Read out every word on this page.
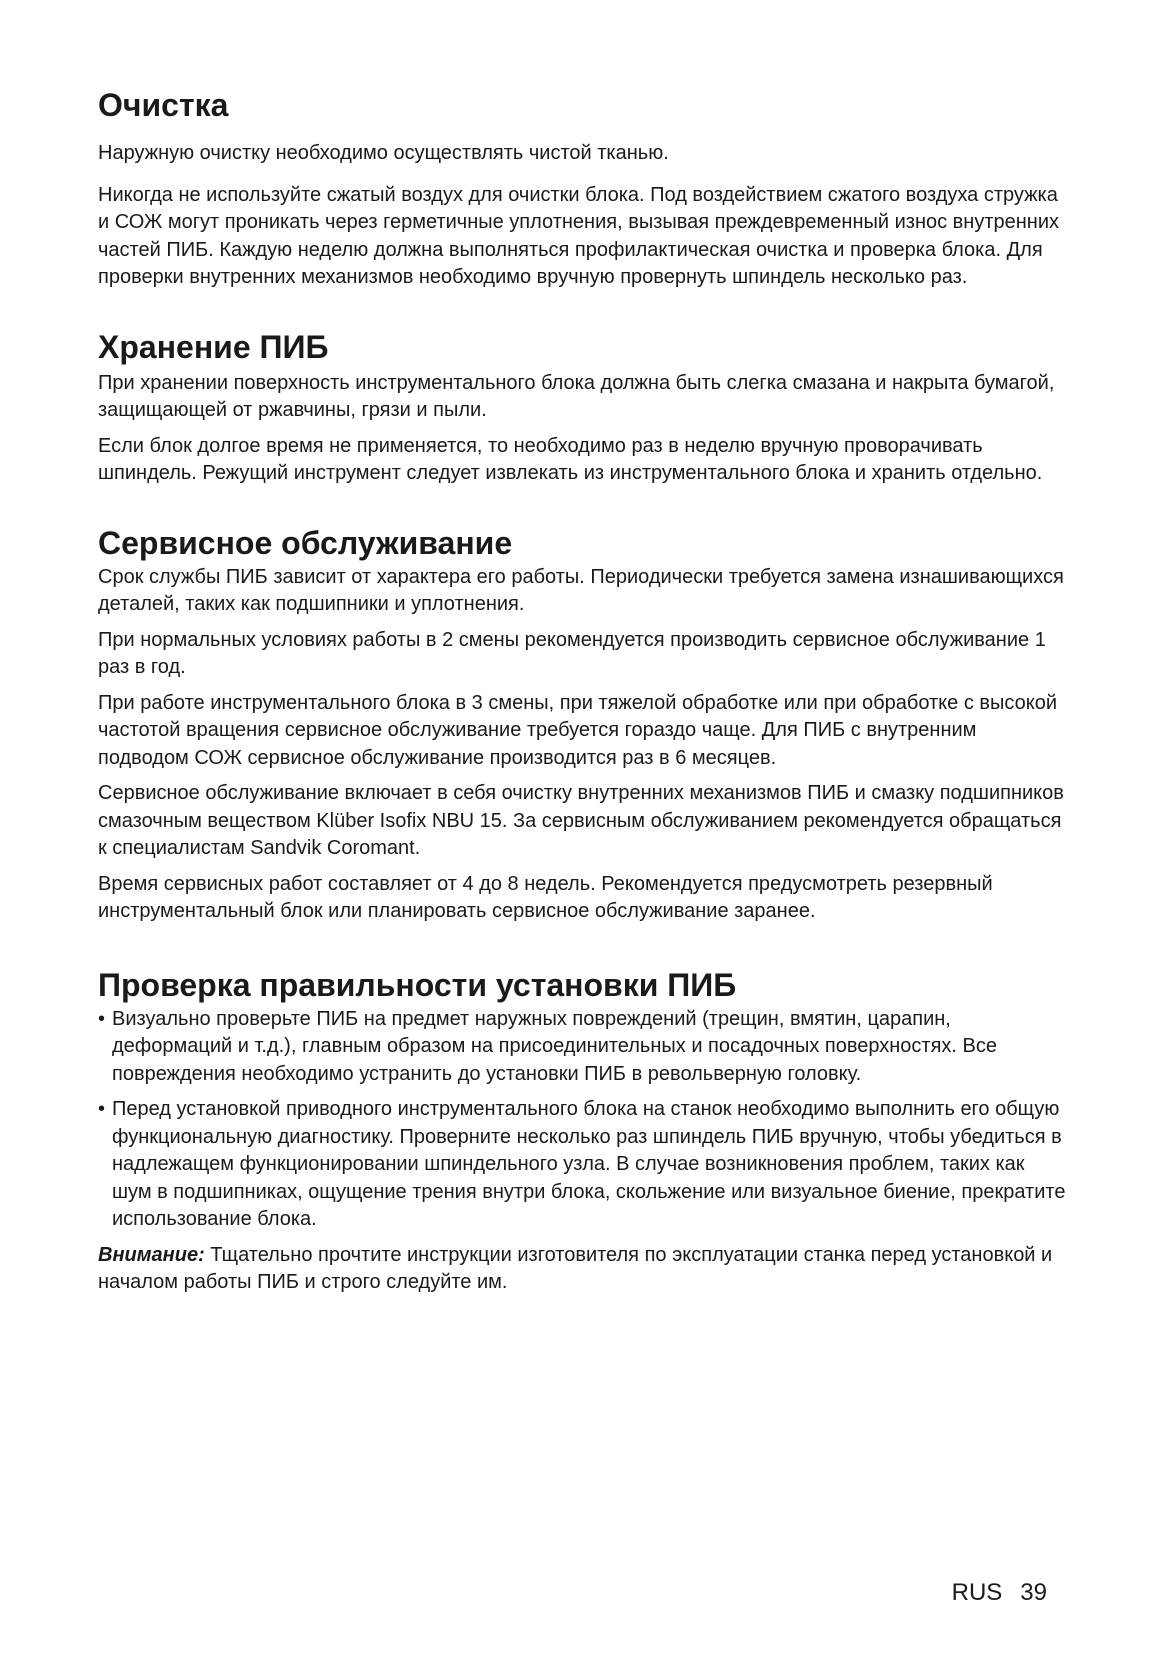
Очистка

Наружную очистку необходимо осуществлять чистой тканью.

Никогда не используйте сжатый воздух для очистки блока. Под воздействием сжатого воздуха стружка и СОЖ могут проникать через герметичные уплотнения, вызывая преждевременный износ внутренних частей ПИБ. Каждую неделю должна выполняться профилактическая очистка и проверка блока. Для проверки внутренних механизмов необходимо вручную провернуть шпиндель несколько раз.

Хранение ПИБ

При хранении поверхность инструментального блока должна быть слегка смазана и накрыта бумагой, защищающей от ржавчины, грязи и пыли.

Если блок долгое время не применяется, то необходимо раз в неделю вручную проворачивать шпиндель. Режущий инструмент следует извлекать из инструментального блока и хранить отдельно.

Сервисное обслуживание

Срок службы ПИБ зависит от характера его работы. Периодически требуется замена изнашивающихся деталей, таких как подшипники и уплотнения.

При нормальных условиях работы в 2 смены рекомендуется производить сервисное обслуживание 1 раз в год.

При работе инструментального блока в 3 смены, при тяжелой обработке или при обработке с высокой частотой вращения сервисное обслуживание требуется гораздо чаще. Для ПИБ с внутренним подводом СОЖ сервисное обслуживание производится раз в 6 месяцев.

Сервисное обслуживание включает в себя очистку внутренних механизмов ПИБ и смазку подшипников смазочным веществом Klüber Isofix NBU 15. За сервисным обслуживанием рекомендуется обращаться к специалистам Sandvik Coromant.

Время сервисных работ составляет от 4 до 8 недель. Рекомендуется предусмотреть резервный инструментальный блок или планировать сервисное обслуживание заранее.

Проверка правильности установки ПИБ
• Визуально проверьте ПИБ на предмет наружных повреждений (трещин, вмятин, царапин, деформаций и т.д.), главным образом на присоединительных и посадочных поверхностях. Все повреждения необходимо устранить до установки ПИБ в револьверную головку.
• Перед установкой приводного инструментального блока на станок необходимо выполнить его общую функциональную диагностику. Проверните несколько раз шпиндель ПИБ вручную, чтобы убедиться в надлежащем функционировании шпиндельного узла. В случае возникновения проблем, таких как шум в подшипниках, ощущение трения внутри блока, скольжение или визуальное биение, прекратите использование блока.

Внимание: Тщательно прочтите инструкции изготовителя по эксплуатации станка перед установкой и началом работы ПИБ и строго следуйте им.

RUS 39
